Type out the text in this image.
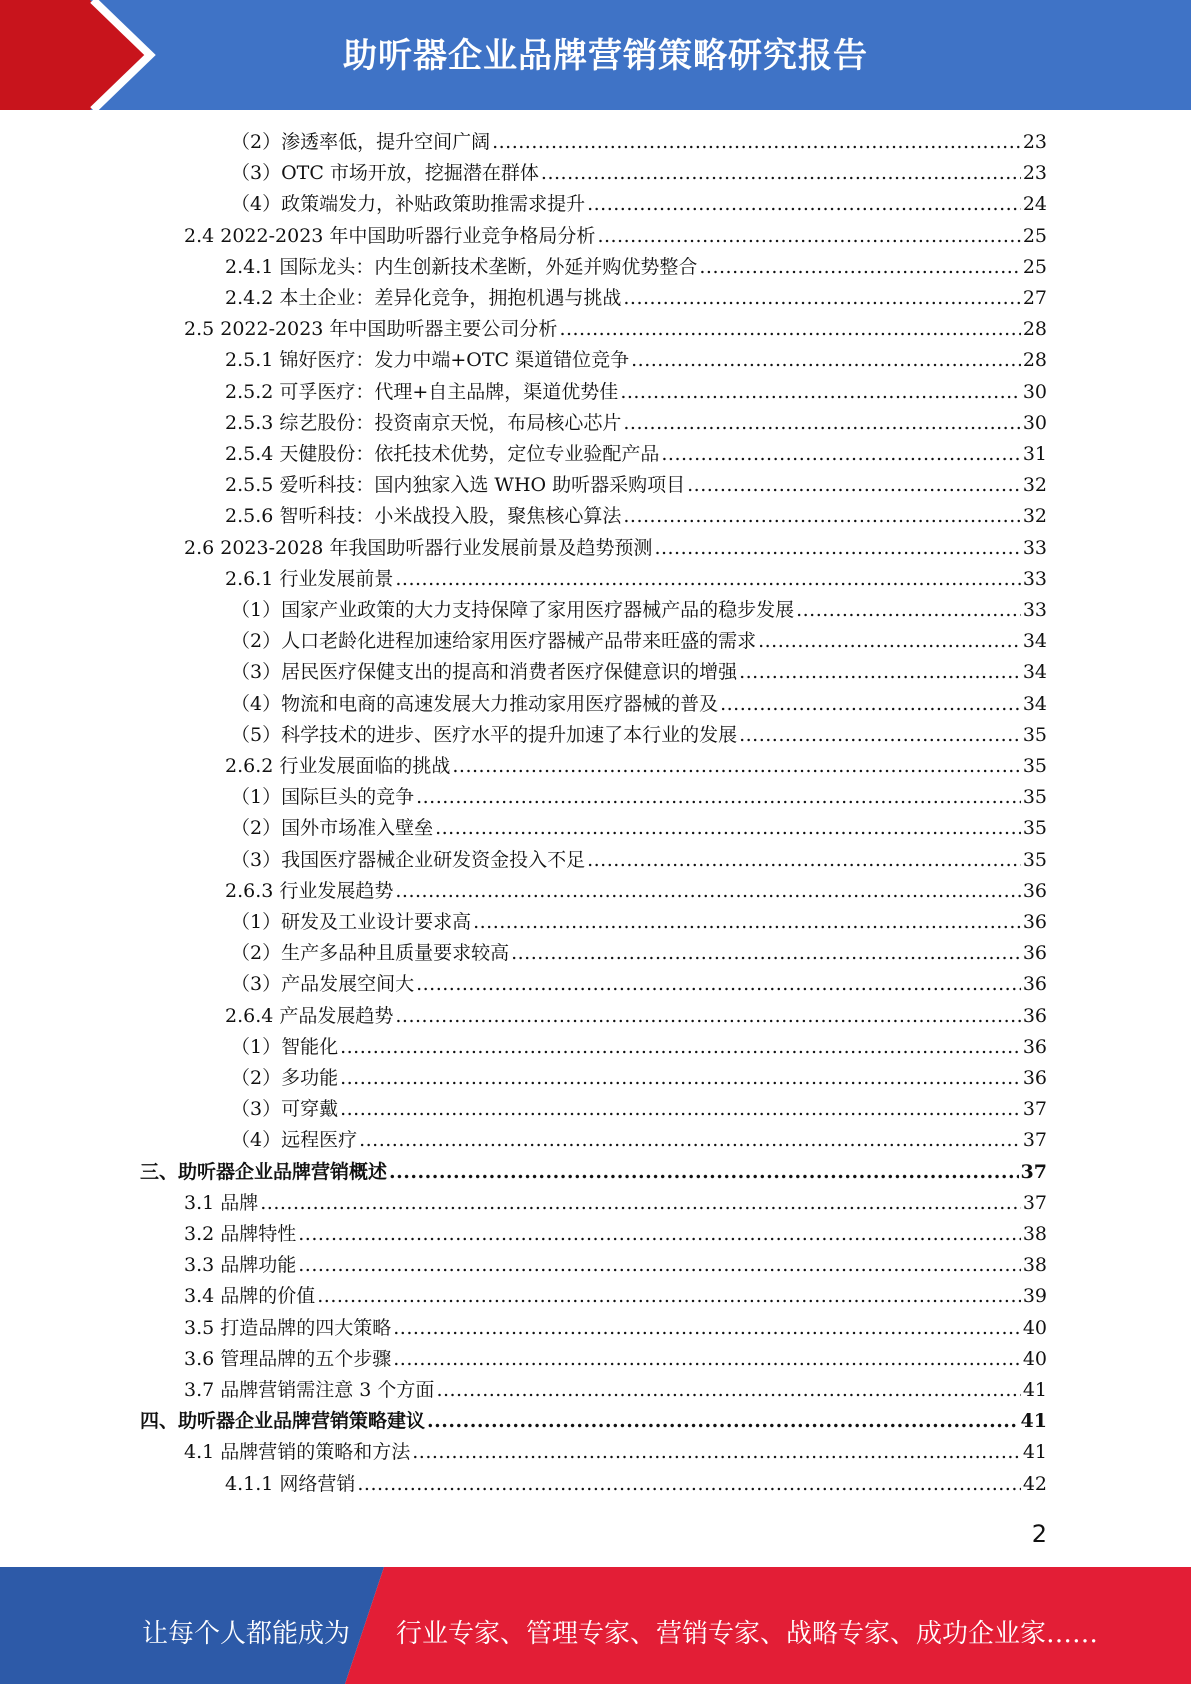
助听器企业品牌营销策略研究报告
（2）渗透率低，提升空间广阔 .....	23
（3）OTC 市场开放，挖掘潜在群体 .....	23
（4）政策端发力，补贴政策助推需求提升 .....	24
2.4 2022-2023 年中国助听器行业竞争格局分析 .....	25
2.4.1 国际龙头：内生创新技术垄断，外延并购优势整合 .....	25
2.4.2 本土企业：差异化竞争，拥抱机遇与挑战 .....	27
2.5 2022-2023 年中国助听器主要公司分析 .....	28
2.5.1 锦好医疗：发力中端+OTC 渠道错位竞争 .....	28
2.5.2 可孚医疗：代理+自主品牌，渠道优势佳 .....	30
2.5.3 综艺股份：投资南京天悦，布局核心芯片 .....	30
2.5.4 天健股份：依托技术优势，定位专业验配产品 .....	31
2.5.5 爱听科技：国内独家入选 WHO 助听器采购项目 .....	32
2.5.6 智听科技：小米战投入股，聚焦核心算法 .....	32
2.6 2023-2028 年我国助听器行业发展前景及趋势预测 .....	33
2.6.1 行业发展前景 .....	33
（1）国家产业政策的大力支持保障了家用医疗器械产品的稳步发展 .....	33
（2）人口老龄化进程加速给家用医疗器械产品带来旺盛的需求 .....	34
（3）居民医疗保健支出的提高和消费者医疗保健意识的增强 .....	34
（4）物流和电商的高速发展大力推动家用医疗器械的普及 .....	34
（5）科学技术的进步、医疗水平的提升加速了本行业的发展 .....	35
2.6.2 行业发展面临的挑战 .....	35
（1）国际巨头的竞争 .....	35
（2）国外市场准入壁垒 .....	35
（3）我国医疗器械企业研发资金投入不足 .....	35
2.6.3 行业发展趋势 .....	36
（1）研发及工业设计要求高 .....	36
（2）生产多品种且质量要求较高 .....	36
（3）产品发展空间大 .....	36
2.6.4 产品发展趋势 .....	36
（1）智能化 .....	36
（2）多功能 .....	36
（3）可穿戴 .....	37
（4）远程医疗 .....	37
三、助听器企业品牌营销概述 .....	37
3.1 品牌 .....	37
3.2 品牌特性 .....	38
3.3 品牌功能 .....	38
3.4 品牌的价值 .....	39
3.5 打造品牌的四大策略 .....	40
3.6 管理品牌的五个步骤 .....	40
3.7 品牌营销需注意 3 个方面 .....	41
四、助听器企业品牌营销策略建议 .....	41
4.1 品牌营销的策略和方法 .....	41
4.1.1 网络营销 .....	42
2
让每个人都能成为 行业专家、管理专家、营销专家、战略专家、成功企业家……
